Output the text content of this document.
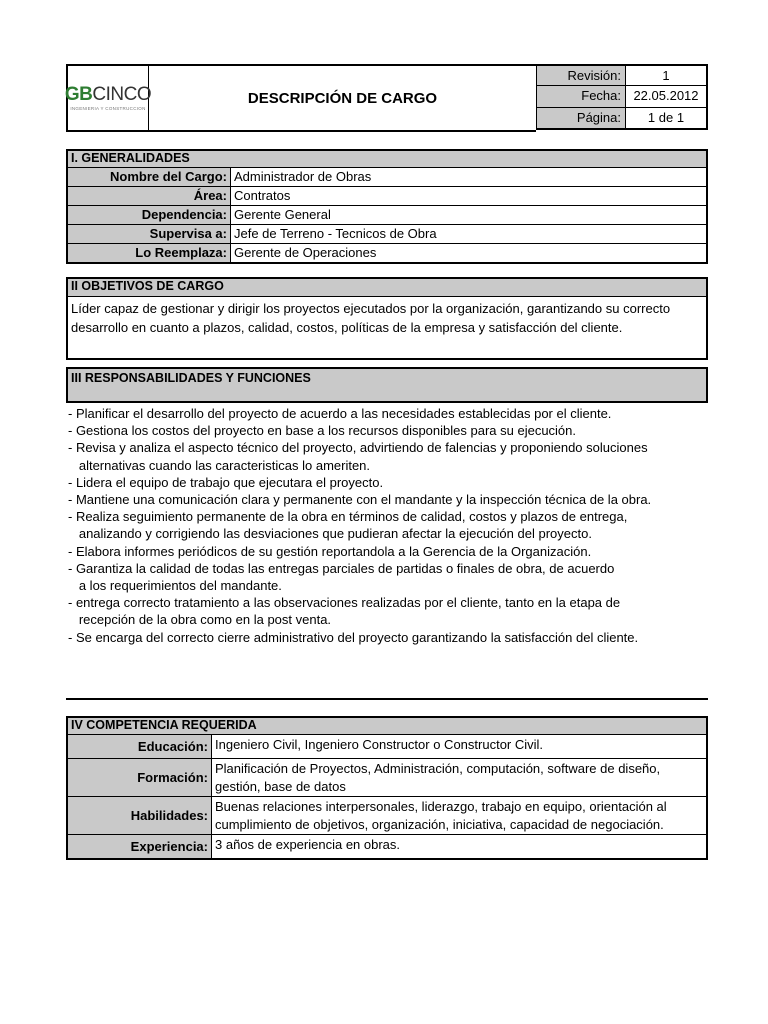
GBCINCO
INGENIERIA Y CONSTRUCCION
DESCRIPCIÓN DE CARGO
Revisión:	1
Fecha: 22.05.2012
Página:	1 de 1
I. GENERALIDADES
Nombre del Cargo: Administrador de Obras
Área: Contratos
Dependencia: Gerente General
Supervisa a: Jefe de Terreno - Tecnicos de Obra
Lo Reemplaza: Gerente de Operaciones
II OBJETIVOS DE CARGO
Líder capaz de gestionar y dirigir los proyectos ejecutados por la organización, garantizando su correcto
desarrollo en cuanto a plazos, calidad, costos, políticas de la empresa y satisfacción del cliente.
III RESPONSABILIDADES Y FUNCIONES
- Planificar el desarrollo del proyecto de acuerdo a las necesidades establecidas por el cliente.
- Gestiona los costos del proyecto en base a los recursos disponibles para su ejecución.
- Revisa y analiza el aspecto técnico del proyecto, advirtiendo de falencias y proponiendo soluciones
alternativas cuando las caracteristicas lo ameriten.
- Lidera el equipo de trabajo que ejecutara el proyecto.
- Mantiene una comunicación clara y permanente con el mandante y la inspección técnica de la obra.
- Realiza seguimiento permanente de la obra en términos de calidad, costos y plazos de entrega,
analizando y corrigiendo las desviaciones que pudieran afectar la ejecución del proyecto.
- Elabora informes periódicos de su gestión reportandola a la Gerencia de la Organización.
- Garantiza la calidad de todas las entregas parciales de partidas o finales de obra, de acuerdo
a los requerimientos del mandante.
- entrega correcto tratamiento a las observaciones realizadas por el cliente, tanto en la etapa de
recepción de la obra como en la post venta.
- Se encarga del correcto cierre administrativo del proyecto garantizando la satisfacción del cliente.
IV COMPETENCIA REQUERIDA
Educación: Ingeniero Civil, Ingeniero Constructor o Constructor Civil.
Formación:
Planificación de Proyectos, Administración, computación, software de diseño,
gestión, base de datos
Habilidades:
Buenas relaciones interpersonales, liderazgo, trabajo en equipo, orientación al
cumplimiento de objetivos, organización, iniciativa, capacidad de negociación.
Experiencia: 3 años de experiencia en obras.
